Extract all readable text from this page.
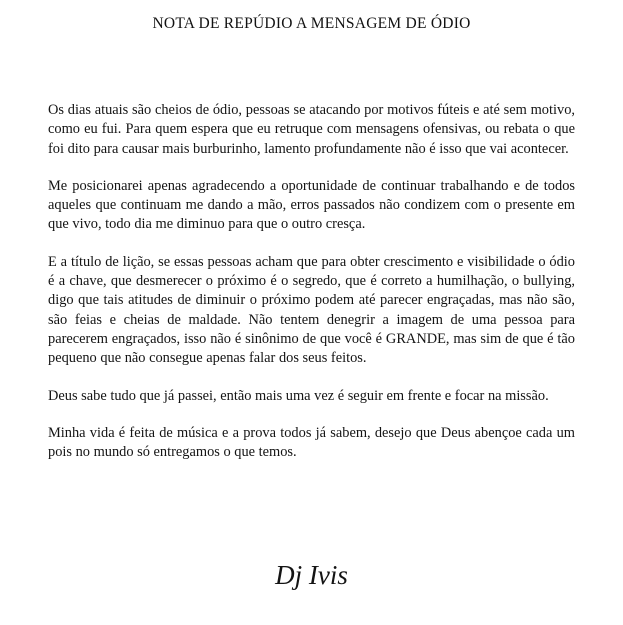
NOTA DE REPÚDIO A MENSAGEM DE ÓDIO

Os dias atuais são cheios de ódio, pessoas se atacando por motivos fúteis e até sem motivo, como eu fui. Para quem espera que eu retruque com mensagens ofensivas, ou rebata o que foi dito para causar mais burburinho, lamento profundamente não é isso que vai acontecer.

Me posicionarei apenas agradecendo a oportunidade de continuar trabalhando e de todos aqueles que continuam me dando a mão, erros passados não condizem com o presente em que vivo, todo dia me diminuo para que o outro cresça.

E a título de lição, se essas pessoas acham que para obter crescimento e visibilidade o ódio é a chave, que desmerecer o próximo é o segredo, que é correto a humilhação, o bullying, digo que tais atitudes de diminuir o próximo podem até parecer engraçadas, mas não são, são feias e cheias de maldade. Não tentem denegrir a imagem de uma pessoa para parecerem engraçados, isso não é sinônimo de que você é GRANDE, mas sim de que é tão pequeno que não consegue apenas falar dos seus feitos.

Deus sabe tudo que já passei, então mais uma vez é seguir em frente e focar na missão.

Minha vida é feita de música e a prova todos já sabem, desejo que Deus abençoe cada um pois no mundo só entregamos o que temos.

Dj Ivis
